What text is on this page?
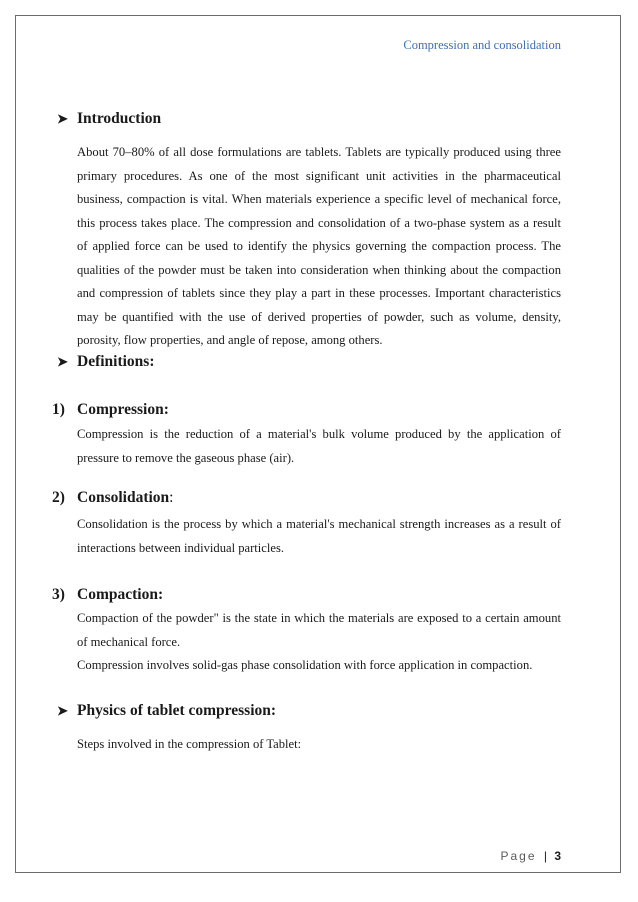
Compression and consolidation
➤ Introduction

About 70–80% of all dose formulations are tablets. Tablets are typically produced using three primary procedures. As one of the most significant unit activities in the pharmaceutical business, compaction is vital. When materials experience a specific level of mechanical force, this process takes place. The compression and consolidation of a two-phase system as a result of applied force can be used to identify the physics governing the compaction process. The qualities of the powder must be taken into consideration when thinking about the compaction and compression of tablets since they play a part in these processes. Important characteristics may be quantified with the use of derived properties of powder, such as volume, density, porosity, flow properties, and angle of repose, among others.

➤ Definitions:
1) Compression:

Compression is the reduction of a material's bulk volume produced by the application of pressure to remove the gaseous phase (air).

2) Consolidation :

Consolidation is the process by which a material's mechanical strength increases as a result of interactions between individual particles.

3) Compaction:

Compaction of the powder" is the state in which the materials are exposed to a certain amount of mechanical force.

Compression involves solid-gas phase consolidation with force application in compaction.

➤ Physics of tablet compression :

Steps involved in the compression of Tablet:

Page | 3
